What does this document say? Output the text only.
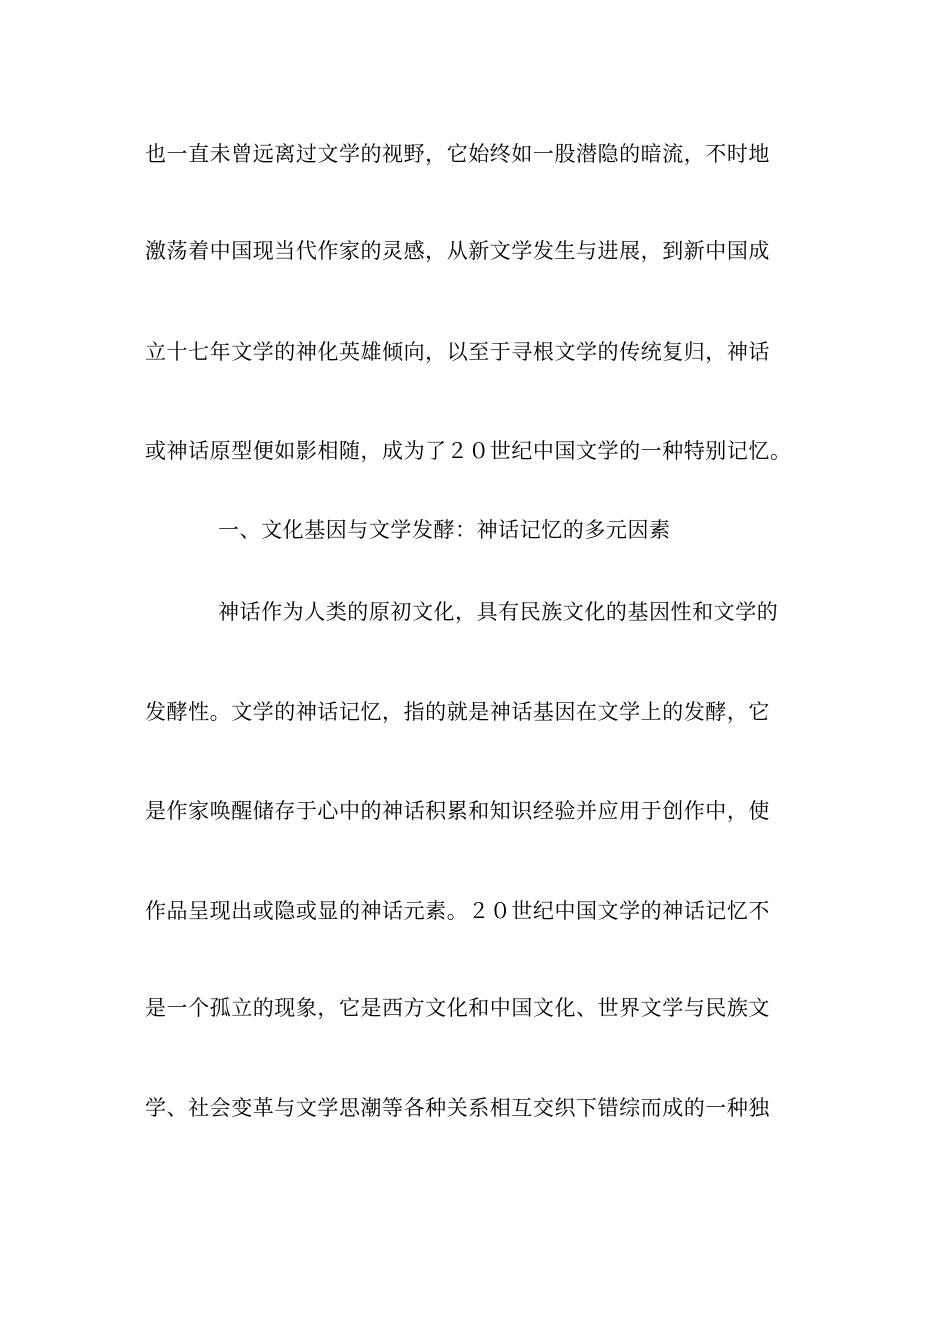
也一直未曾远离过文学的视野，它始终如一股潜隐的暗流，不时地
激荡着中国现当代作家的灵感，从新文学发生与进展，到新中国成
立十七年文学的神化英雄倾向，以至于寻根文学的传统复归，神话
或神话原型便如影相随，成为了２０世纪中国文学的一种特别记忆。
一、文化基因与文学发酵：神话记忆的多元因素
神话作为人类的原初文化，具有民族文化的基因性和文学的
发酵性。文学的神话记忆，指的就是神话基因在文学上的发酵，它
是作家唤醒储存于心中的神话积累和知识经验并应用于创作中，使
作品呈现出或隐或显的神话元素。２０世纪中国文学的神话记忆不
是一个孤立的现象，它是西方文化和中国文化、世界文学与民族文
学、社会变革与文学思潮等各种关系相互交织下错综而成的一种独
